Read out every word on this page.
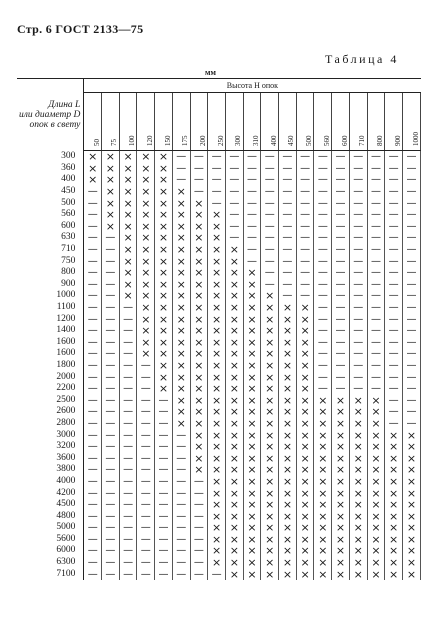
Стр. 6 ГОСТ 2133—75
Таблица 4
мм
Длина L
или диаметр D
опок в свету	Высота H опок																		

	50	75	100	120	150	175	200	250	300	310	400	450	500	560	600	710	800	900	1000

300	×	×	×	×	×	—	—	—	—	—	—	—	—	—	—	—	—	—	—
360	×	×	×	×	×	—	—	—	—	—	—	—	—	—	—	—	—	—	—
400	×	×	×	×	×	—	—	—	—	—	—	—	—	—	—	—	—	—	—
450	—	×	×	×	×	×	—	—	—	—	—	—	—	—	—	—	—	—	—
500	—	×	×	×	×	×	×	—	—	—	—	—	—	—	—	—	—	—	—
560	—	×	×	×	×	×	×	×	—	—	—	—	—	—	—	—	—	—	—
600	—	×	×	×	×	×	×	×	—	—	—	—	—	—	—	—	—	—	—
630	—	—	×	×	×	×	×	×	—	—	—	—	—	—	—	—	—	—	—
710	—	—	×	×	×	×	×	×	×	—	—	—	—	—	—	—	—	—	—
750	—	—	×	×	×	×	×	×	×	—	—	—	—	—	—	—	—	—	—
800	—	—	×	×	×	×	×	×	×	×	—	—	—	—	—	—	—	—	—
900	—	—	×	×	×	×	×	×	×	×	—	—	—	—	—	—	—	—	—
1000	—	—	×	×	×	×	×	×	×	×	×	—	—	—	—	—	—	—	—
1100	—	—	—	×	×	×	×	×	×	×	×	×	×	—	—	—	—	—	—
1200	—	—	—	×	×	×	×	×	×	×	×	×	×	—	—	—	—	—	—
1400	—	—	—	×	×	×	×	×	×	×	×	×	×	—	—	—	—	—	—
1600	—	—	—	×	×	×	×	×	×	×	×	×	×	—	—	—	—	—	—
1600	—	—	—	×	×	×	×	×	×	×	×	×	×	—	—	—	—	—	—
1800	—	—	—	—	×	×	×	×	×	×	×	×	×	—	—	—	—	—	—
2000	—	—	—	—	×	×	×	×	×	×	×	×	×	—	—	—	—	—	—
2200	—	—	—	—	×	×	×	×	×	×	×	×	×	—	—	—	—	—	—
2500	—	—	—	—	—	×	×	×	×	×	×	×	×	×	×	×	×	—	—
2600	—	—	—	—	—	×	×	×	×	×	×	×	×	×	×	×	×	—	—
2800	—	—	—	—	—	×	×	×	×	×	×	×	×	×	×	×	×	—	—
3000	—	—	—	—	—	—	×	×	×	×	×	×	×	×	×	×	×	×	×
3200	—	—	—	—	—	—	×	×	×	×	×	×	×	×	×	×	×	×	×
3600	—	—	—	—	—	—	×	×	×	×	×	×	×	×	×	×	×	×	×
3800	—	—	—	—	—	—	×	×	×	×	×	×	×	×	×	×	×	×	×
4000	—	—	—	—	—	—	—	×	×	×	×	×	×	×	×	×	×	×	×
4200	—	—	—	—	—	—	—	×	×	×	×	×	×	×	×	×	×	×	×
4500	—	—	—	—	—	—	—	×	×	×	×	×	×	×	×	×	×	×	×
4800	—	—	—	—	—	—	—	×	×	×	×	×	×	×	×	×	×	×	×
5000	—	—	—	—	—	—	—	×	×	×	×	×	×	×	×	×	×	×	×
5600	—	—	—	—	—	—	—	×	×	×	×	×	×	×	×	×	×	×	×
6000	—	—	—	—	—	—	—	×	×	×	×	×	×	×	×	×	×	×	×
6300	—	—	—	—	—	—	—	×	×	×	×	×	×	×	×	×	×	×	×
7100	—	—	—	—	—	—	—	—	×	×	×	×	×	×	×	×	×	×	×
